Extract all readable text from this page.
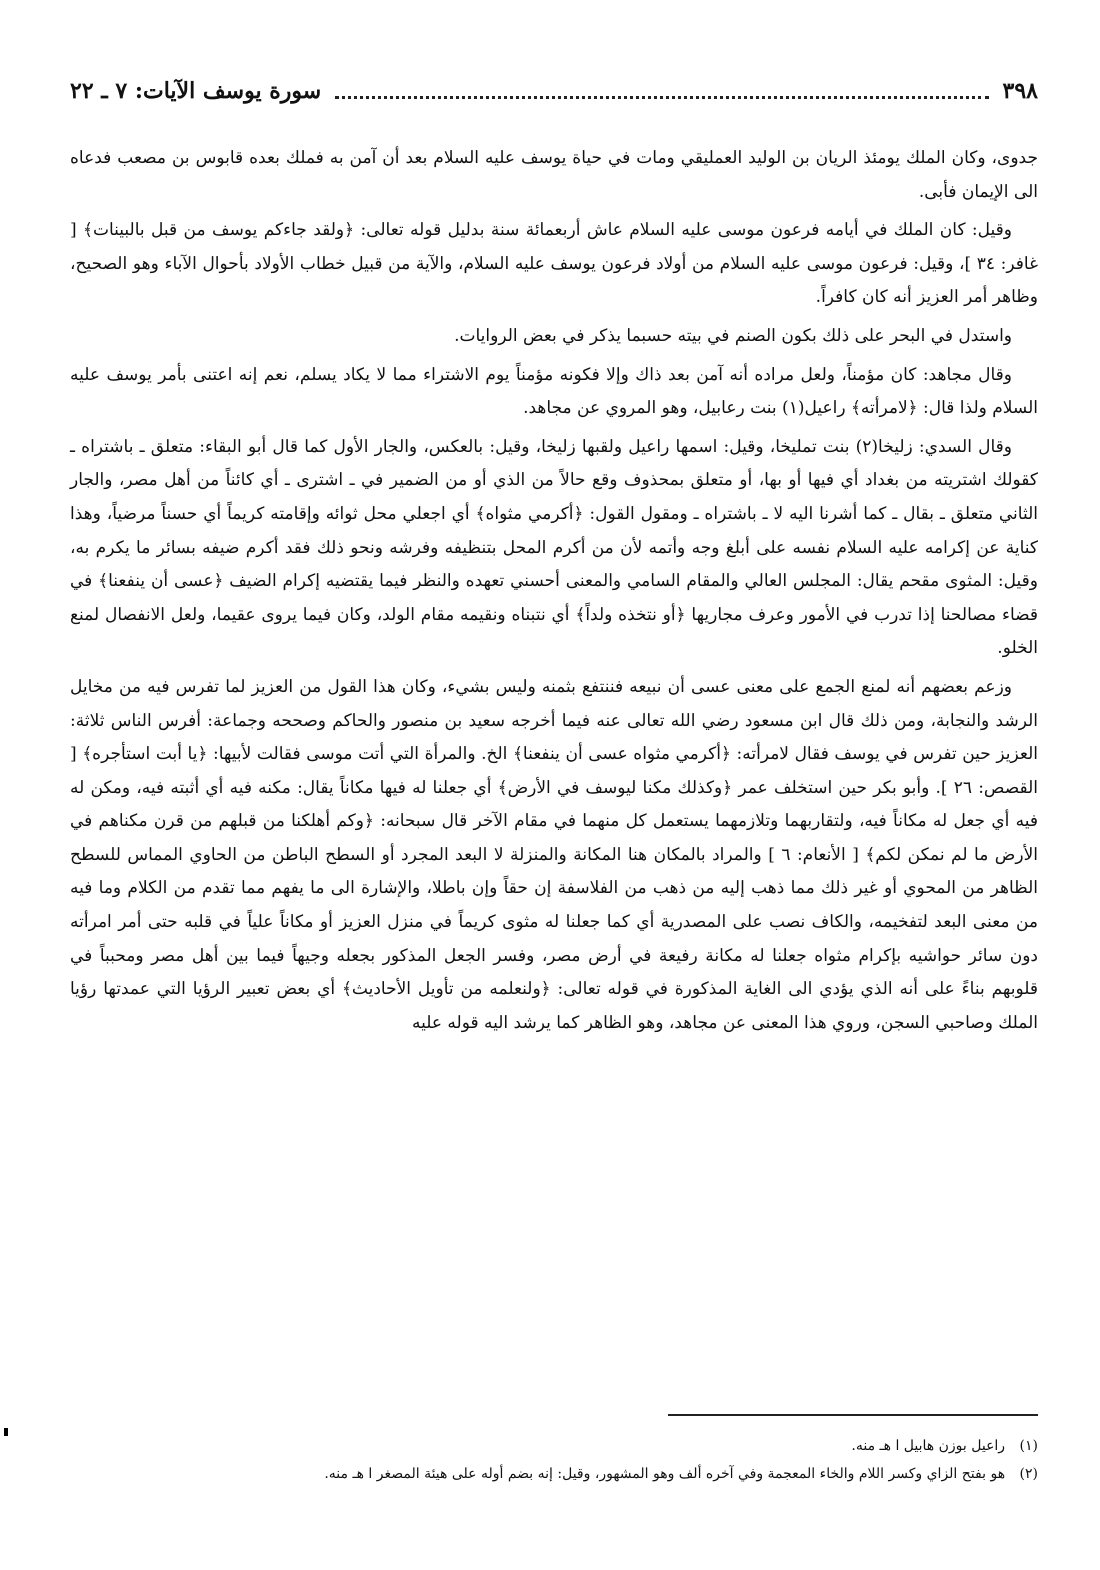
٣٩٨
سورة يوسف الآيات: ٧ ـ ٢٢

جدوى، وكان الملك يومئذ الريان بن الوليد العمليقي ومات في حياة يوسف عليه السلام بعد أن آمن به فملك بعده قابوس بن مصعب فدعاه الى الإيمان فأبى.

وقيل: كان الملك في أيامه فرعون موسى عليه السلام عاش أربعمائة سنة بدليل قوله تعالى: ﴿ولقد جاءكم يوسف من قبل بالبينات﴾ [ غافر: ٣٤ ]، وقيل: فرعون موسى عليه السلام من أولاد فرعون يوسف عليه السلام، والآية من قبيل خطاب الأولاد بأحوال الآباء وهو الصحيح، وظاهر أمر العزيز أنه كان كافراً.

واستدل في البحر على ذلك بكون الصنم في بيته حسبما يذكر في بعض الروايات.

وقال مجاهد: كان مؤمناً، ولعل مراده أنه آمن بعد ذاك وإلا فكونه مؤمناً يوم الاشتراء مما لا يكاد يسلم، نعم إنه اعتنى بأمر يوسف عليه السلام ولذا قال: ﴿لامرأته﴾ راعيل(١) بنت رعابيل، وهو المروي عن مجاهد.

وقال السدي: زليخا(٢) بنت تمليخا، وقيل: اسمها راعيل ولقبها زليخا، وقيل: بالعكس، والجار الأول كما قال أبو البقاء: متعلق ـ باشتراه ـ كقولك اشتريته من بغداد أي فيها أو بها، أو متعلق بمحذوف وقع حالاً من الذي أو من الضمير في ـ اشترى ـ أي كائناً من أهل مصر، والجار الثاني متعلق ـ بقال ـ كما أشرنا اليه لا ـ باشتراه ـ ومقول القول: ﴿أكرمي مثواه﴾ أي اجعلي محل ثوائه وإقامته كريماً أي حسناً مرضياً، وهذا كناية عن إكرامه عليه السلام نفسه على أبلغ وجه وأتمه لأن من أكرم المحل بتنظيفه وفرشه ونحو ذلك فقد أكرم ضيفه بسائر ما يكرم به، وقيل: المثوى مقحم يقال: المجلس العالي والمقام السامي والمعنى أحسني تعهده والنظر فيما يقتضيه إكرام الضيف ﴿عسى أن ينفعنا﴾ في قضاء مصالحنا إذا تدرب في الأمور وعرف مجاريها ﴿أو نتخذه ولداً﴾ أي نتبناه ونقيمه مقام الولد، وكان فيما يروى عقيما، ولعل الانفصال لمنع الخلو.

وزعم بعضهم أنه لمنع الجمع على معنى عسى أن نبيعه فننتفع بثمنه وليس بشيء، وكان هذا القول من العزيز لما تفرس فيه من مخايل الرشد والنجابة، ومن ذلك قال ابن مسعود رضي الله تعالى عنه فيما أخرجه سعيد بن منصور والحاكم وصححه وجماعة: أفرس الناس ثلاثة: العزيز حين تفرس في يوسف فقال لامرأته: ﴿أكرمي مثواه عسى أن ينفعنا﴾ الخ. والمرأة التي أتت موسى فقالت لأبيها: ﴿يا أبت استأجره﴾ [ القصص: ٢٦ ]. وأبو بكر حين استخلف عمر ﴿وكذلك مكنا ليوسف في الأرض﴾ أي جعلنا له فيها مكاناً يقال: مكنه فيه أي أثبته فيه، ومكن له فيه أي جعل له مكاناً فيه، ولتقاربهما وتلازمهما يستعمل كل منهما في مقام الآخر قال سبحانه: ﴿وكم أهلكنا من قبلهم من قرن مكناهم في الأرض ما لم نمكن لكم﴾ [ الأنعام: ٦ ] والمراد بالمكان هنا المكانة والمنزلة لا البعد المجرد أو السطح الباطن من الحاوي المماس للسطح الظاهر من المحوي أو غير ذلك مما ذهب إليه من ذهب من الفلاسفة إن حقاً وإن باطلا، والإشارة الى ما يفهم مما تقدم من الكلام وما فيه من معنى البعد لتفخيمه، والكاف نصب على المصدرية أي كما جعلنا له مثوى كريماً في منزل العزيز أو مكاناً علياً في قلبه حتى أمر امرأته دون سائر حواشيه بإكرام مثواه جعلنا له مكانة رفيعة في أرض مصر، وفسر الجعل المذكور بجعله وجيهاً فيما بين أهل مصر ومحبباً في قلوبهم بناءً على أنه الذي يؤدي الى الغاية المذكورة في قوله تعالى: ﴿ولنعلمه من تأويل الأحاديث﴾ أي بعض تعبير الرؤيا التي عمدتها رؤيا الملك وصاحبي السجن، وروي هذا المعنى عن مجاهد، وهو الظاهر كما يرشد اليه قوله عليه

(١) راعيل بوزن هابيل ا هـ منه.

(٢) هو بفتح الزاي وكسر اللام والخاء المعجمة وفي آخره ألف وهو المشهور، وقيل: إنه بضم أوله على هيئة المصغر ا هـ منه.
